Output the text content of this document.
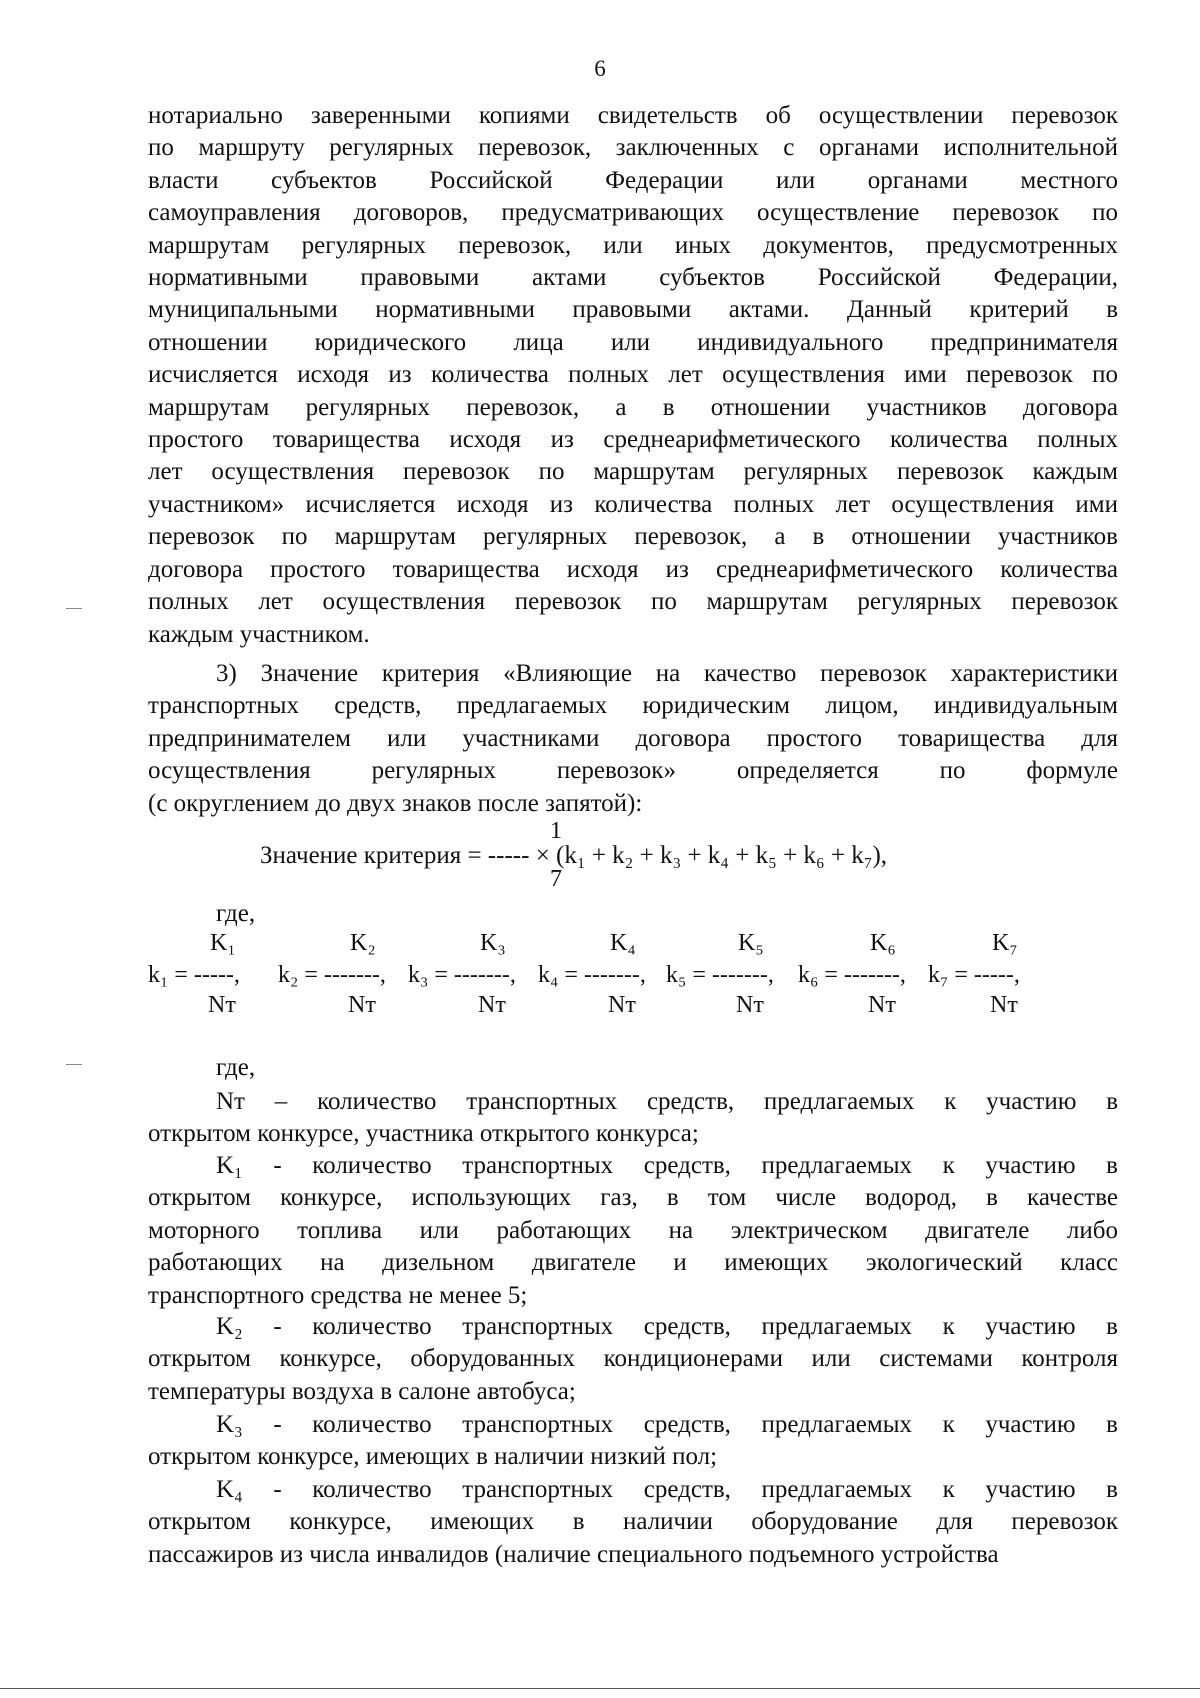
6
нотариально заверенными копиями свидетельств об осуществлении перевозок
по маршруту регулярных перевозок, заключенных с органами исполнительной
власти субъектов Российской Федерации или органами местного
самоуправления договоров, предусматривающих осуществление перевозок по
маршрутам регулярных перевозок, или иных документов, предусмотренных
нормативными правовыми актами субъектов Российской Федерации,
муниципальными нормативными правовыми актами. Данный критерий в
отношении юридического лица или индивидуального предпринимателя
исчисляется исходя из количества полных лет осуществления ими перевозок по
маршрутам регулярных перевозок, а в отношении участников договора
простого товарищества исходя из среднеарифметического количества полных
лет осуществления перевозок по маршрутам регулярных перевозок каждым
участником» исчисляется исходя из количества полных лет осуществления ими
перевозок по маршрутам регулярных перевозок, а в отношении участников
договора простого товарищества исходя из среднеарифметического количества
полных лет осуществления перевозок по маршрутам регулярных перевозок
каждым участником.
3) Значение критерия «Влияющие на качество перевозок характеристики
транспортных средств, предлагаемых юридическим лицом, индивидуальным
предпринимателем или участниками договора простого товарищества для
осуществления регулярных перевозок» определяется по формуле
(с округлением до двух знаков после запятой):
Значение критерия = ----- × (k₁ + k₂ + k₃ + k₄ + k₅ + k₆ + k₇),
1
7
где,
K₁
k₁ = -----,
Nт
K₂
k₂ = -------,
Nт
K₃
k₃ = -------,
Nт
K₄
k₄ = -------,
Nт
K₅
k₅ = -------,
Nт
K₆
k₆ = -------,
Nт
K₇
k₇ = -----,
Nт
где,
Nт – количество транспортных средств, предлагаемых к участию в
открытом конкурсе, участника открытого конкурса;
K₁ - количество транспортных средств, предлагаемых к участию в
открытом конкурсе, использующих газ, в том числе водород, в качестве
моторного топлива или работающих на электрическом двигателе либо
работающих на дизельном двигателе и имеющих экологический класс
транспортного средства не менее 5;
K₂ - количество транспортных средств, предлагаемых к участию в
открытом конкурсе, оборудованных кондиционерами или системами контроля
температуры воздуха в салоне автобуса;
K₃ - количество транспортных средств, предлагаемых к участию в
открытом конкурсе, имеющих в наличии низкий пол;
K₄ - количество транспортных средств, предлагаемых к участию в
открытом конкурсе, имеющих в наличии оборудование для перевозок
пассажиров из числа инвалидов (наличие специального подъемного устройства
